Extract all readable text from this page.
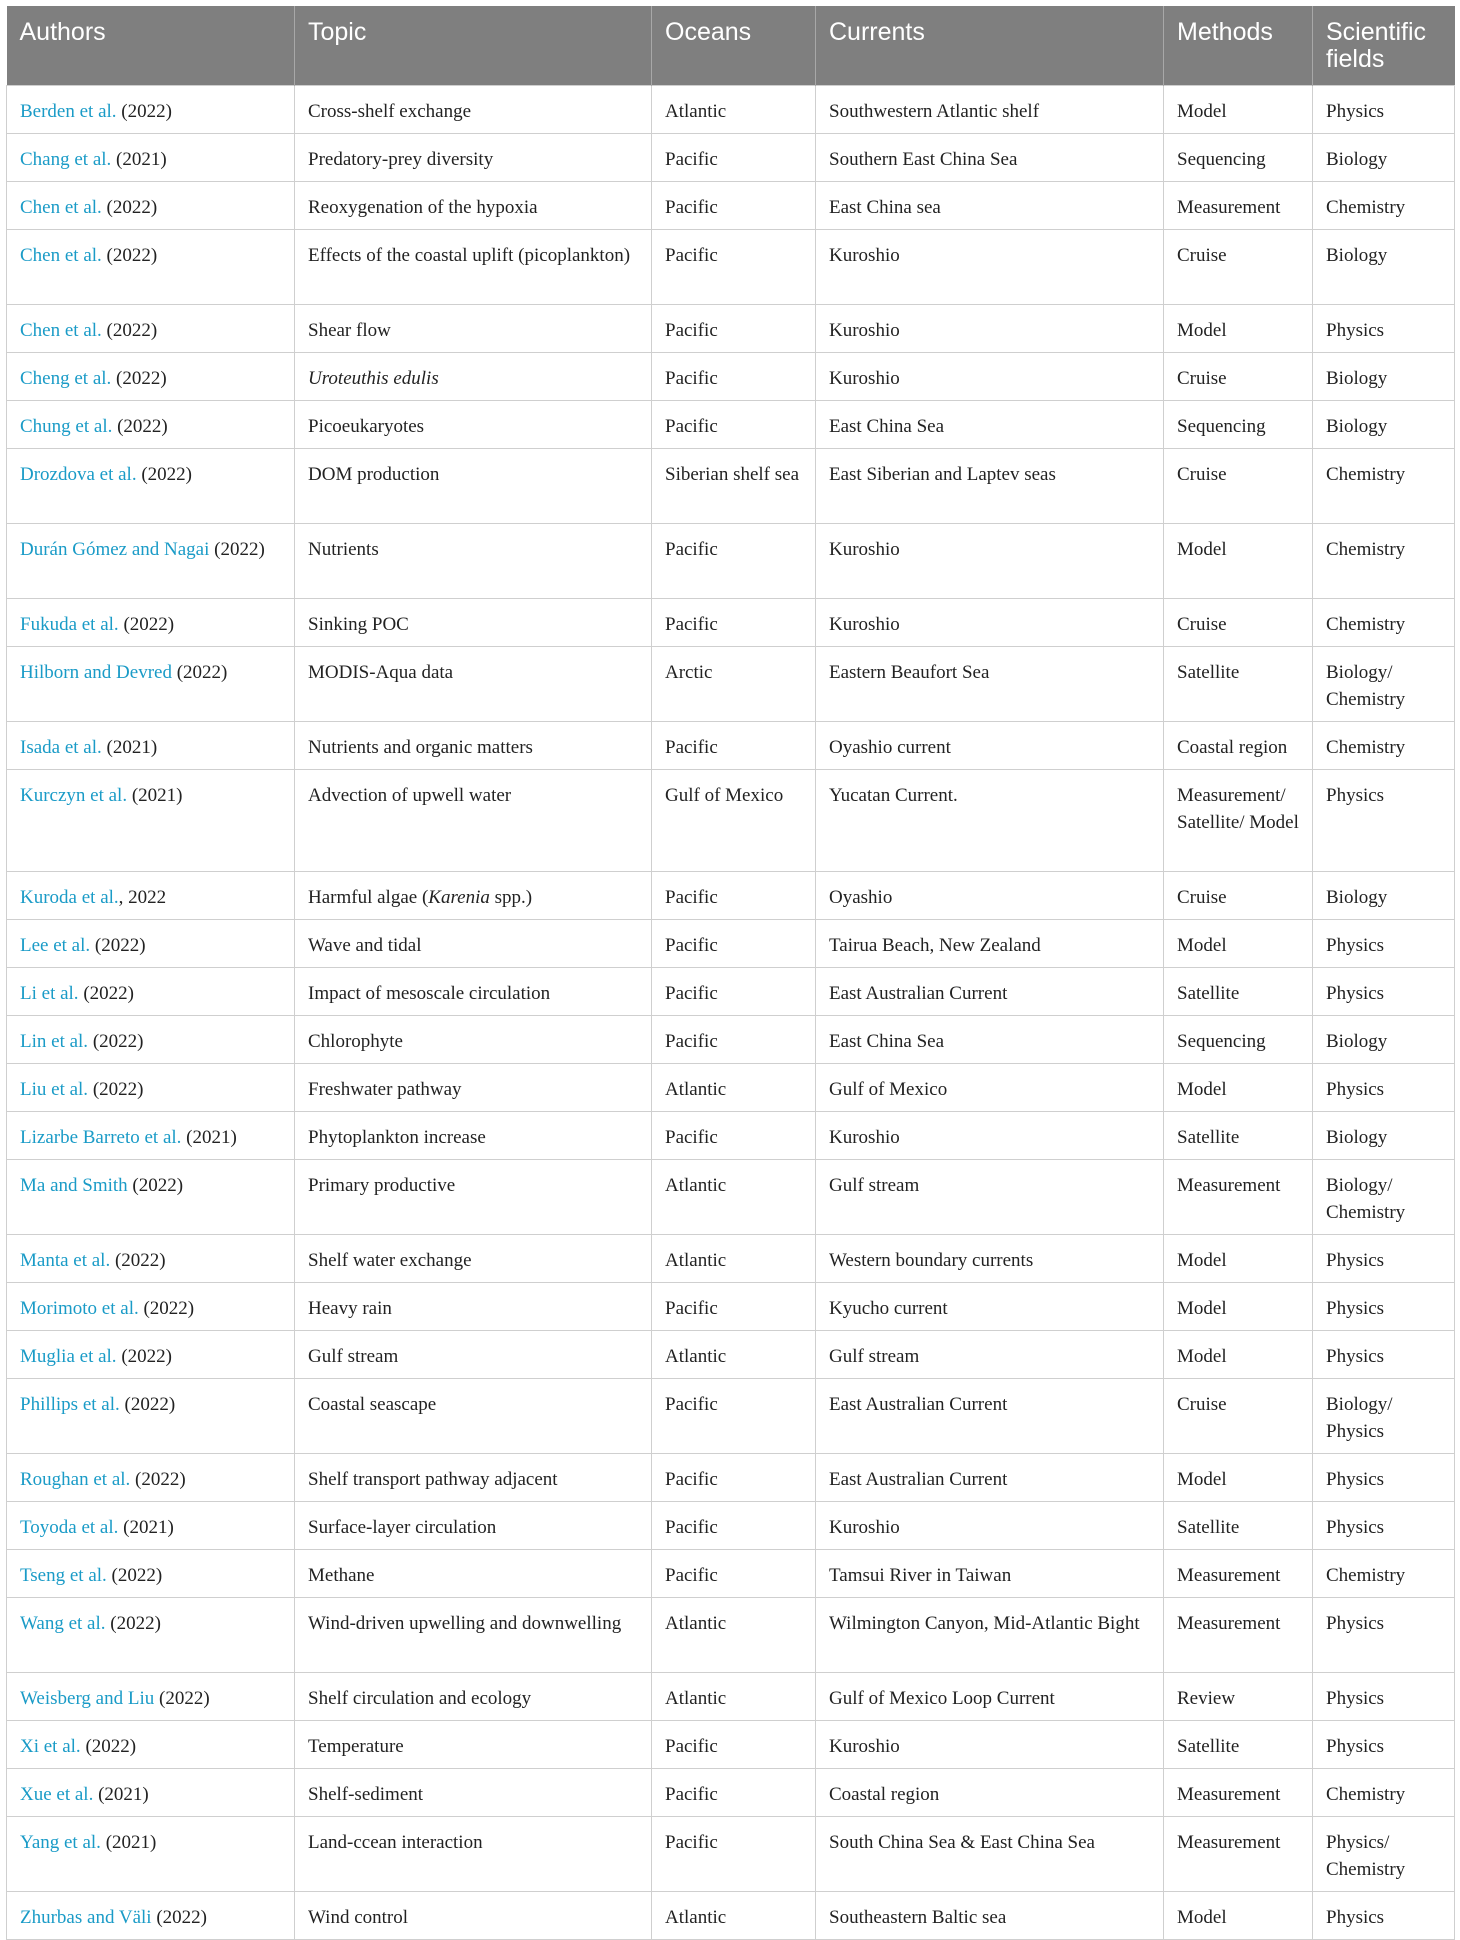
Authors	Topic	Oceans	Currents	Methods	Scientific fields
Berden et al. (2022)	Cross-shelf exchange	Atlantic	Southwestern Atlantic shelf	Model	Physics
Chang et al. (2021)	Predatory-prey diversity	Pacific	Southern East China Sea	Sequencing	Biology
Chen et al. (2022)	Reoxygenation of the hypoxia	Pacific	East China sea	Measurement	Chemistry
Chen et al. (2022)	Effects of the coastal uplift (picoplankton)	Pacific	Kuroshio	Cruise	Biology
Chen et al. (2022)	Shear flow	Pacific	Kuroshio	Model	Physics
Cheng et al. (2022)	Uroteuthis edulis	Pacific	Kuroshio	Cruise	Biology
Chung et al. (2022)	Picoeukaryotes	Pacific	East China Sea	Sequencing	Biology
Drozdova et al. (2022)	DOM production	Siberian shelf sea	East Siberian and Laptev seas	Cruise	Chemistry
Durán Gómez and Nagai (2022)	Nutrients	Pacific	Kuroshio	Model	Chemistry
Fukuda et al. (2022)	Sinking POC	Pacific	Kuroshio	Cruise	Chemistry
Hilborn and Devred (2022)	MODIS-Aqua data	Arctic	Eastern Beaufort Sea	Satellite	Biology/ Chemistry
Isada et al. (2021)	Nutrients and organic matters	Pacific	Oyashio current	Coastal region	Chemistry
Kurczyn et al. (2021)	Advection of upwell water	Gulf of Mexico	Yucatan Current.	Measurement/ Satellite/ Model	Physics
Kuroda et al., 2022	Harmful algae (Karenia spp.)	Pacific	Oyashio	Cruise	Biology
Lee et al. (2022)	Wave and tidal	Pacific	Tairua Beach, New Zealand	Model	Physics
Li et al. (2022)	Impact of mesoscale circulation	Pacific	East Australian Current	Satellite	Physics
Lin et al. (2022)	Chlorophyte	Pacific	East China Sea	Sequencing	Biology
Liu et al. (2022)	Freshwater pathway	Atlantic	Gulf of Mexico	Model	Physics
Lizarbe Barreto et al. (2021)	Phytoplankton increase	Pacific	Kuroshio	Satellite	Biology
Ma and Smith (2022)	Primary productive	Atlantic	Gulf stream	Measurement	Biology/ Chemistry
Manta et al. (2022)	Shelf water exchange	Atlantic	Western boundary currents	Model	Physics
Morimoto et al. (2022)	Heavy rain	Pacific	Kyucho current	Model	Physics
Muglia et al. (2022)	Gulf stream	Atlantic	Gulf stream	Model	Physics
Phillips et al. (2022)	Coastal seascape	Pacific	East Australian Current	Cruise	Biology/ Physics
Roughan et al. (2022)	Shelf transport pathway adjacent	Pacific	East Australian Current	Model	Physics
Toyoda et al. (2021)	Surface-layer circulation	Pacific	Kuroshio	Satellite	Physics
Tseng et al. (2022)	Methane	Pacific	Tamsui River in Taiwan	Measurement	Chemistry
Wang et al. (2022)	Wind-driven upwelling and downwelling	Atlantic	Wilmington Canyon, Mid-Atlantic Bight	Measurement	Physics
Weisberg and Liu (2022)	Shelf circulation and ecology	Atlantic	Gulf of Mexico Loop Current	Review	Physics
Xi et al. (2022)	Temperature	Pacific	Kuroshio	Satellite	Physics
Xue et al. (2021)	Shelf-sediment	Pacific	Coastal region	Measurement	Chemistry
Yang et al. (2021)	Land-ccean interaction	Pacific	South China Sea & East China Sea	Measurement	Physics/ Chemistry
Zhurbas and Väli (2022)	Wind control	Atlantic	Southeastern Baltic sea	Model	Physics
